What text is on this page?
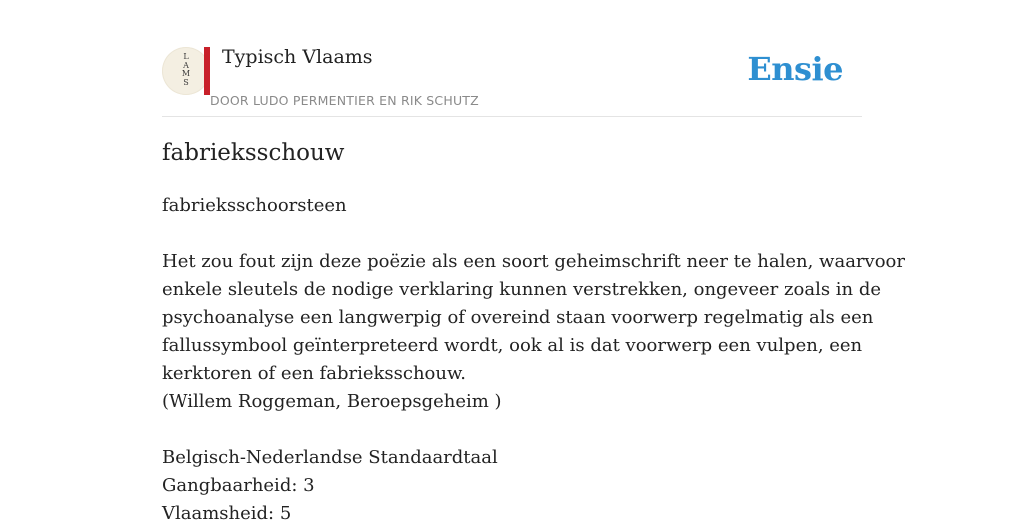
L
A
M
S
Typisch Vlaams
DOOR LUDO PERMENTIER EN RIK SCHUTZ
Ensie
fabrieksschouw
fabrieksschoorsteen
Het zou fout zijn deze poëzie als een soort geheimschrift neer te halen, waarvoor
enkele sleutels de nodige verklaring kunnen verstrekken, ongeveer zoals in de
psychoanalyse een langwerpig of overeind staan voorwerp regelmatig als een
fallussymbool geïnterpreteerd wordt, ook al is dat voorwerp een vulpen, een
kerktoren of een fabrieksschouw.
(Willem Roggeman, Beroepsgeheim )
Belgisch-Nederlandse Standaardtaal
Gangbaarheid: 3
Vlaamsheid: 5
